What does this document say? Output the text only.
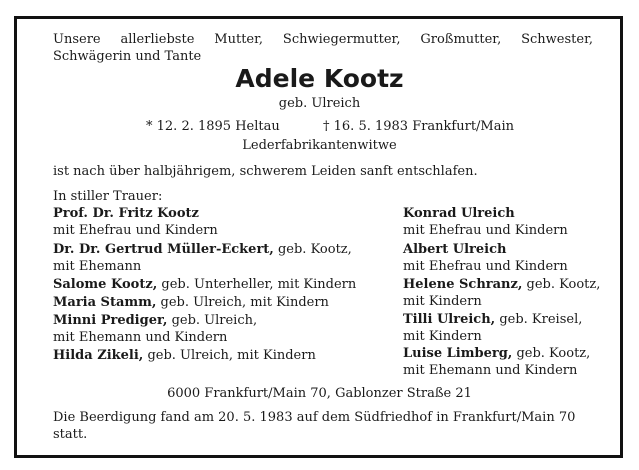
Unsere allerliebste Mutter, Schwiegermutter, Großmutter, Schwester, Schwägerin und Tante
Adele Kootz
geb. Ulreich
* 12. 2. 1895 Heltau	† 16. 5. 1983 Frankfurt/Main
Lederfabrikantenwitwe
ist nach über halbjährigem, schwerem Leiden sanft entschlafen.
In stiller Trauer:
Prof. Dr. Fritz Kootz
mit Ehefrau und Kindern
Dr. Dr. Gertrud Müller-Eckert, geb. Kootz,
mit Ehemann
Salome Kootz, geb. Unterheller, mit Kindern
Maria Stamm, geb. Ulreich, mit Kindern
Minni Prediger, geb. Ulreich,
mit Ehemann und Kindern
Hilda Zikeli, geb. Ulreich, mit Kindern
Konrad Ulreich
mit Ehefrau und Kindern
Albert Ulreich
mit Ehefrau und Kindern
Helene Schranz, geb. Kootz,
mit Kindern
Tilli Ulreich, geb. Kreisel,
mit Kindern
Luise Limberg, geb. Kootz,
mit Ehemann und Kindern
6000 Frankfurt/Main 70, Gablonzer Straße 21
Die Beerdigung fand am 20. 5. 1983 auf dem Südfriedhof in Frankfurt/Main 70
statt.
